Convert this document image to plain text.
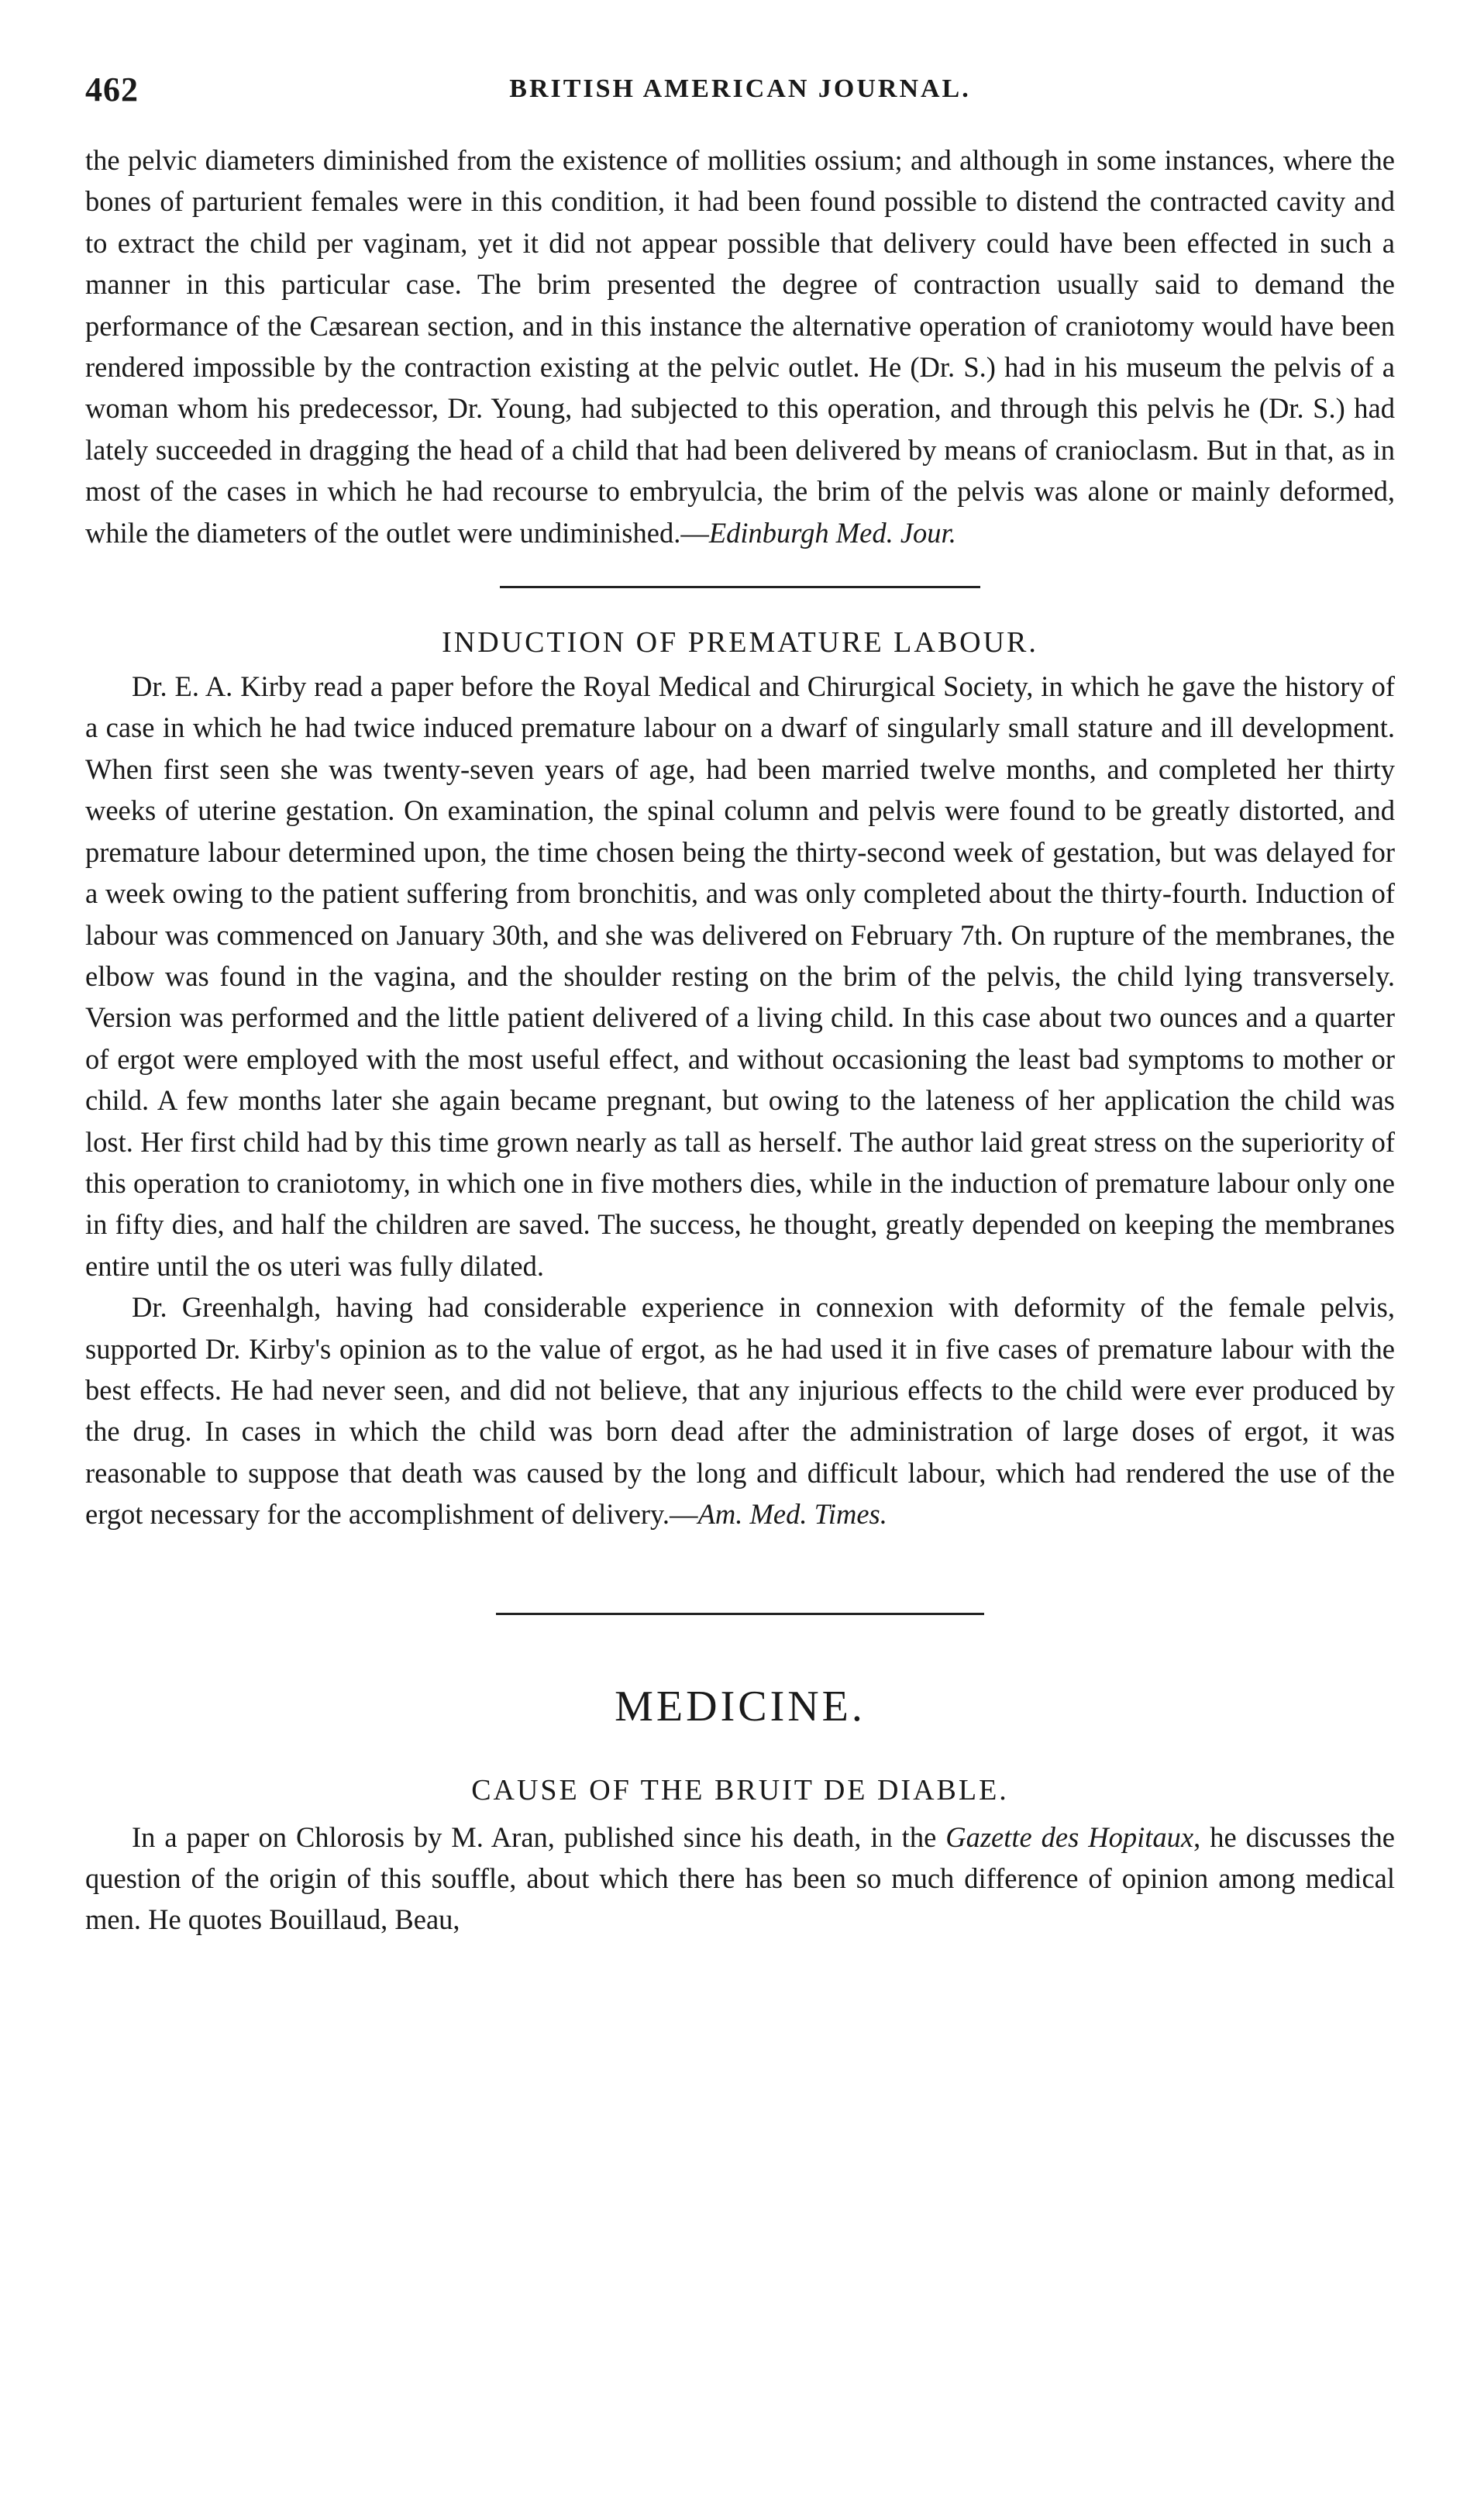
462	BRITISH AMERICAN JOURNAL.

the pelvic diameters diminished from the existence of mollities ossium; and although in some instances, where the bones of parturient females were in this condition, it had been found possible to distend the contracted cavity and to extract the child per vaginam, yet it did not appear possible that delivery could have been effected in such a manner in this particular case. The brim presented the degree of contraction usually said to demand the performance of the Cæsarean section, and in this instance the alternative operation of craniotomy would have been rendered impossible by the contraction existing at the pelvic outlet. He (Dr. S.) had in his museum the pelvis of a woman whom his predecessor, Dr. Young, had subjected to this operation, and through this pelvis he (Dr. S.) had lately succeeded in dragging the head of a child that had been delivered by means of cranioclasm. But in that, as in most of the cases in which he had recourse to embryulcia, the brim of the pelvis was alone or mainly deformed, while the diameters of the outlet were undiminished.—Edinburgh Med. Jour.

INDUCTION OF PREMATURE LABOUR.

Dr. E. A. Kirby read a paper before the Royal Medical and Chirurgical Society, in which he gave the history of a case in which he had twice induced premature labour on a dwarf of singularly small stature and ill development. When first seen she was twenty-seven years of age, had been married twelve months, and completed her thirty weeks of uterine gestation. On examination, the spinal column and pelvis were found to be greatly distorted, and premature labour determined upon, the time chosen being the thirty-second week of gestation, but was delayed for a week owing to the patient suffering from bronchitis, and was only completed about the thirty-fourth. Induction of labour was commenced on January 30th, and she was delivered on February 7th. On rupture of the membranes, the elbow was found in the vagina, and the shoulder resting on the brim of the pelvis, the child lying transversely. Version was performed and the little patient delivered of a living child. In this case about two ounces and a quarter of ergot were employed with the most useful effect, and without occasioning the least bad symptoms to mother or child. A few months later she again became pregnant, but owing to the lateness of her application the child was lost. Her first child had by this time grown nearly as tall as herself. The author laid great stress on the superiority of this operation to craniotomy, in which one in five mothers dies, while in the induction of premature labour only one in fifty dies, and half the children are saved. The success, he thought, greatly depended on keeping the membranes entire until the os uteri was fully dilated.

Dr. Greenhalgh, having had considerable experience in connexion with deformity of the female pelvis, supported Dr. Kirby's opinion as to the value of ergot, as he had used it in five cases of premature labour with the best effects. He had never seen, and did not believe, that any injurious effects to the child were ever produced by the drug. In cases in which the child was born dead after the administration of large doses of ergot, it was reasonable to suppose that death was caused by the long and difficult labour, which had rendered the use of the ergot necessary for the accomplishment of delivery.—Am. Med. Times.

MEDICINE.
CAUSE OF THE BRUIT DE DIABLE.

In a paper on Chlorosis by M. Aran, published since his death, in the Gazette des Hopitaux, he discusses the question of the origin of this souffle, about which there has been so much difference of opinion among medical men. He quotes Bouillaud, Beau,
